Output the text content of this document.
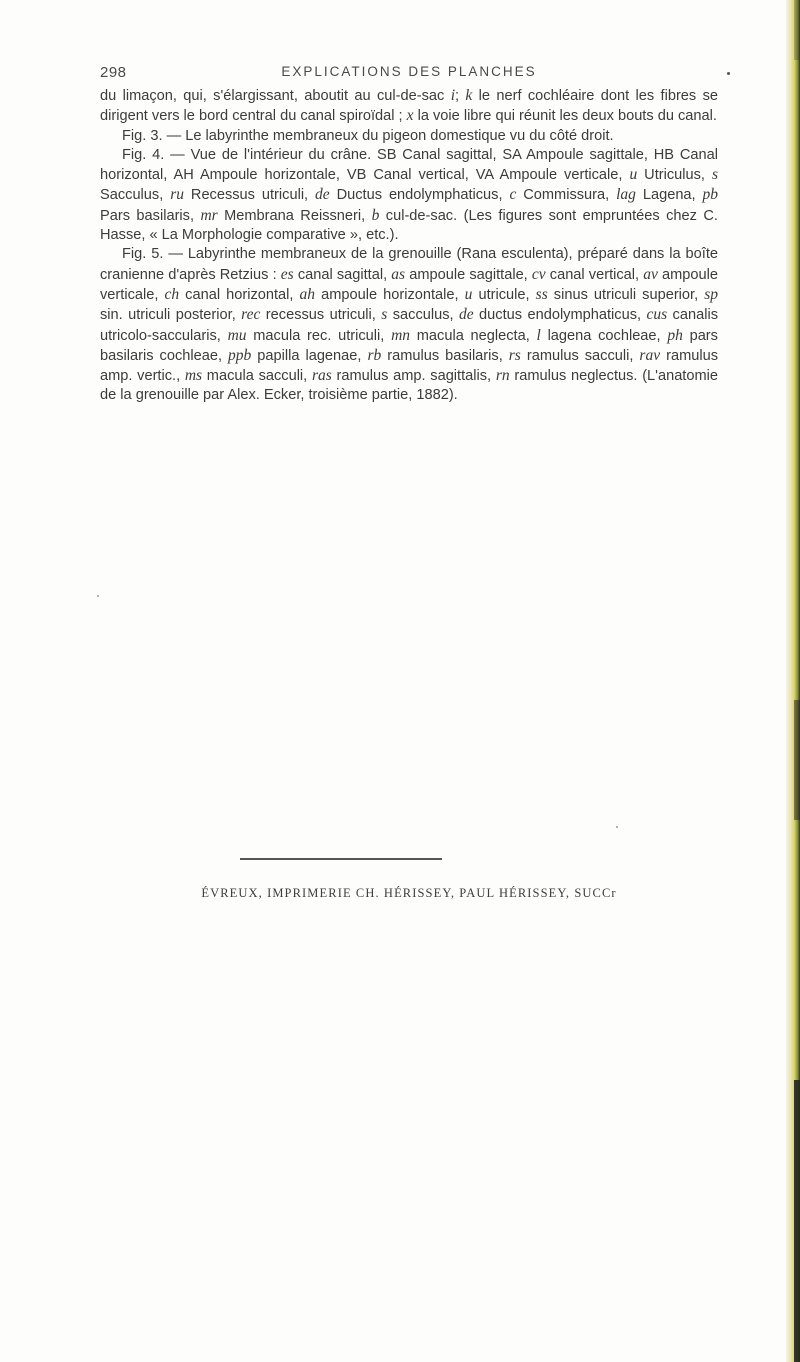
298	EXPLICATIONS DES PLANCHES

du limaçon, qui, s'élargissant, aboutit au cul-de-sac i; k le nerf cochléaire dont les fibres se dirigent vers le bord central du canal spiroïdal ; x la voie libre qui réunit les deux bouts du canal.

Fig. 3. — Le labyrinthe membraneux du pigeon domestique vu du côté droit.

Fig. 4. — Vue de l'intérieur du crâne. SB Canal sagittal, SA Ampoule sagittale, HB Canal horizontal, AH Ampoule horizontale, VB Canal vertical, VA Ampoule verticale, u Utriculus, s Sacculus, ru Recessus utriculi, de Ductus endolymphaticus, c Commissura, lag Lagena, pb Pars basilaris, mr Membrana Reissneri, b cul-de-sac. (Les figures sont empruntées chez C. Hasse, « La Morphologie comparative », etc.).

Fig. 5. — Labyrinthe membraneux de la grenouille (Rana esculenta), préparé dans la boîte cranienne d'après Retzius : es canal sagittal, as ampoule sagittale, cv canal vertical, av ampoule verticale, ch canal horizontal, ah ampoule horizontale, u utricule, ss sinus utriculi superior, sp sin. utriculi posterior, rec recessus utriculi, s sacculus, de ductus endolymphaticus, cus canalis utricolo-saccularis, mu macula rec. utriculi, mn macula neglecta, l lagena cochleae, ph pars basilaris cochleae, ppb papilla lagenae, rb ramulus basilaris, rs ramulus sacculi, rav ramulus amp. vertic., ms macula sacculi, ras ramulus amp. sagittalis, rn ramulus neglectus. (L'anatomie de la grenouille par Alex. Ecker, troisième partie, 1882).

ÉVREUX, IMPRIMERIE CH. HÉRISSEY, PAUL HÉRISSEY, SUCCr
